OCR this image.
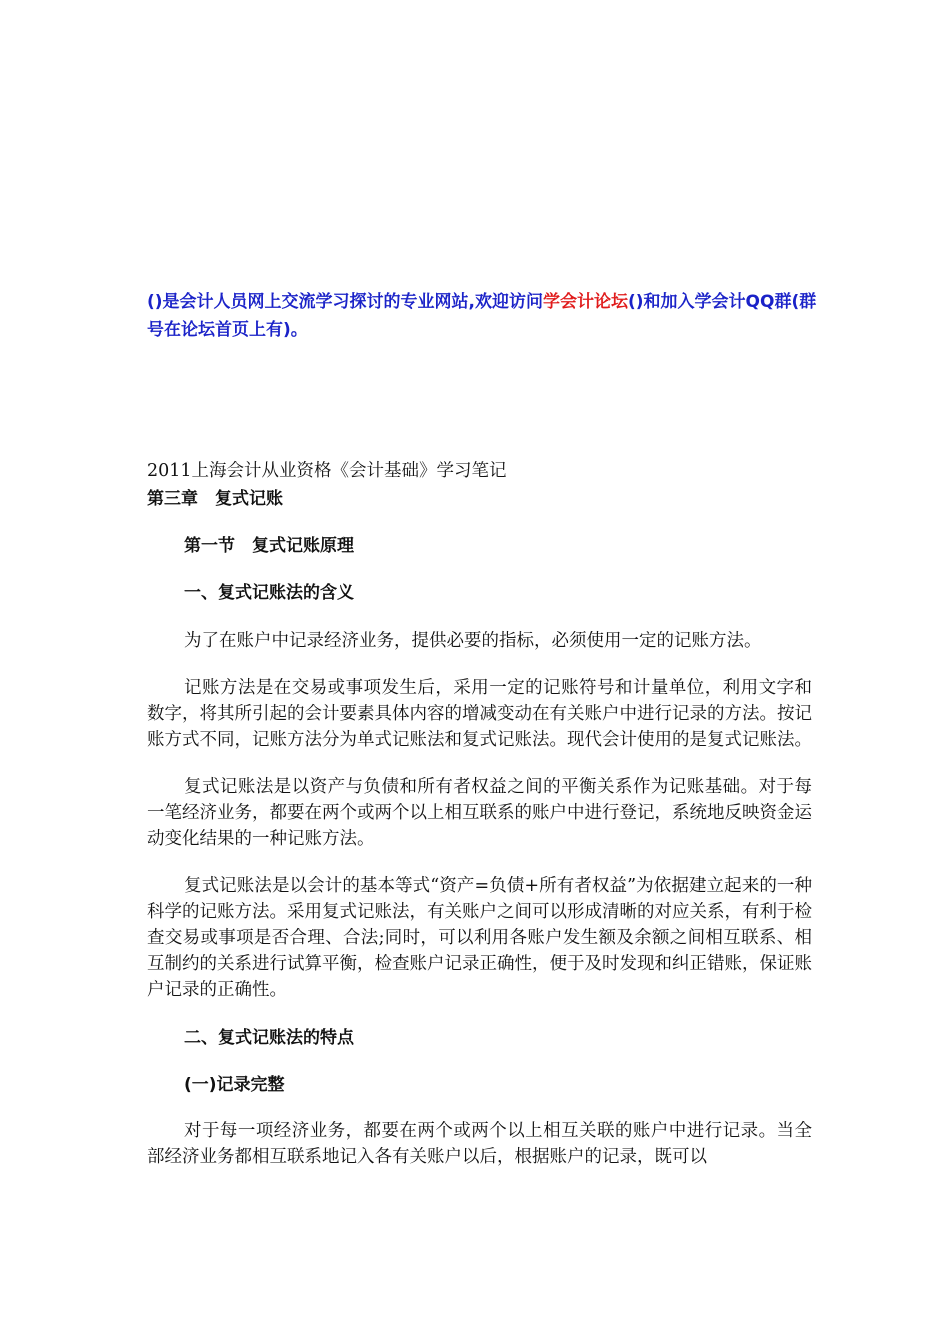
()是会计人员网上交流学习探讨的专业网站,欢迎访问学会计论坛()和加入学会计QQ群(群号在论坛首页上有)。

2011上海会计从业资格《会计基础》学习笔记

第三章　复式记账

第一节　复式记账原理

一、复式记账法的含义

为了在账户中记录经济业务，提供必要的指标，必须使用一定的记账方法。

记账方法是在交易或事项发生后，采用一定的记账符号和计量单位，利用文字和数字，将其所引起的会计要素具体内容的增减变动在有关账户中进行记录的方法。按记账方式不同，记账方法分为单式记账法和复式记账法。现代会计使用的是复式记账法。

复式记账法是以资产与负债和所有者权益之间的平衡关系作为记账基础。对于每一笔经济业务，都要在两个或两个以上相互联系的账户中进行登记，系统地反映资金运动变化结果的一种记账方法。

复式记账法是以会计的基本等式“资产=负债+所有者权益”为依据建立起来的一种科学的记账方法。采用复式记账法，有关账户之间可以形成清晰的对应关系，有利于检查交易或事项是否合理、合法;同时，可以利用各账户发生额及余额之间相互联系、相互制约的关系进行试算平衡，检查账户记录正确性，便于及时发现和纠正错账，保证账户记录的正确性。

二、复式记账法的特点

(一)记录完整

对于每一项经济业务，都要在两个或两个以上相互关联的账户中进行记录。当全部经济业务都相互联系地记入各有关账户以后，根据账户的记录，既可以
